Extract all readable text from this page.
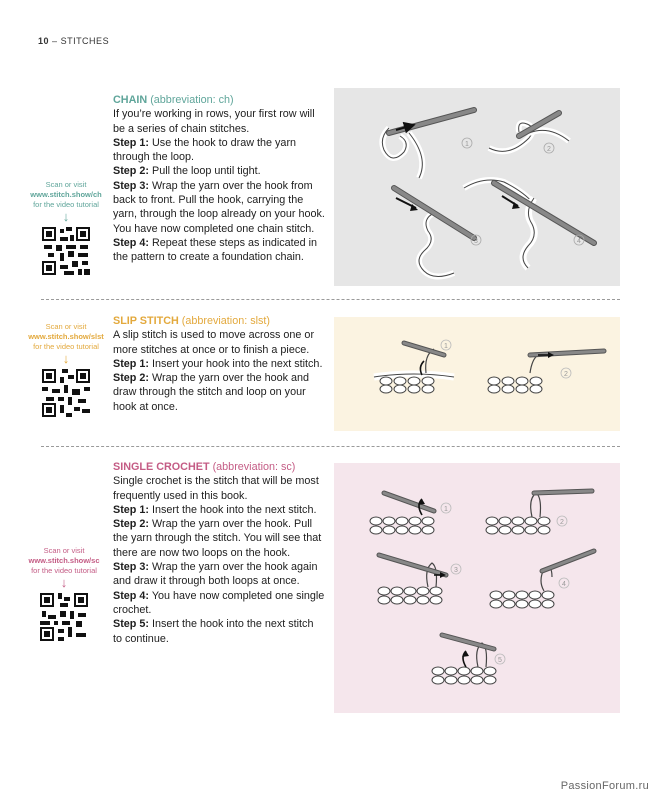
10 – STITCHES
Scan or visit
www.stitch.show/ch
for the video tutorial
↓

CHAIN (abbreviation: ch)

If you’re working in rows, your first row will be a series of chain stitches.

Step 1: Use the hook to draw the yarn through the loop.

Step 2: Pull the loop until tight.

Step 3: Wrap the yarn over the hook from back to front. Pull the hook, carrying the yarn, through the loop already on your hook. You have now completed one chain stitch.

Step 4: Repeat these steps as indicated in the pattern to create a foundation chain.

1
2
3	4
Scan or visit
www.stitch.show/slst
for the video tutorial
↓

SLIP STITCH (abbreviation: slst)

A slip stitch is used to move across one or more stitches at once or to finish a piece.

Step 1: Insert your hook into the next stitch.

Step 2: Wrap the yarn over the hook and draw through the stitch and loop on your hook at once.

1
2
Scan or visit
www.stitch.show/sc
for the video tutorial
↓

SINGLE CROCHET (abbreviation: sc)

Single crochet is the stitch that will be most frequently used in this book.

Step 1: Insert the hook into the next stitch.

Step 2: Wrap the yarn over the hook. Pull the yarn through the stitch. You will see that there are now two loops on the hook.

Step 3: Wrap the yarn over the hook again and draw it through both loops at once.

Step 4: You have now completed one single crochet.

Step 5: Insert the hook into the next stitch to continue.

1
2
3
4
5
PassionForum.ru
